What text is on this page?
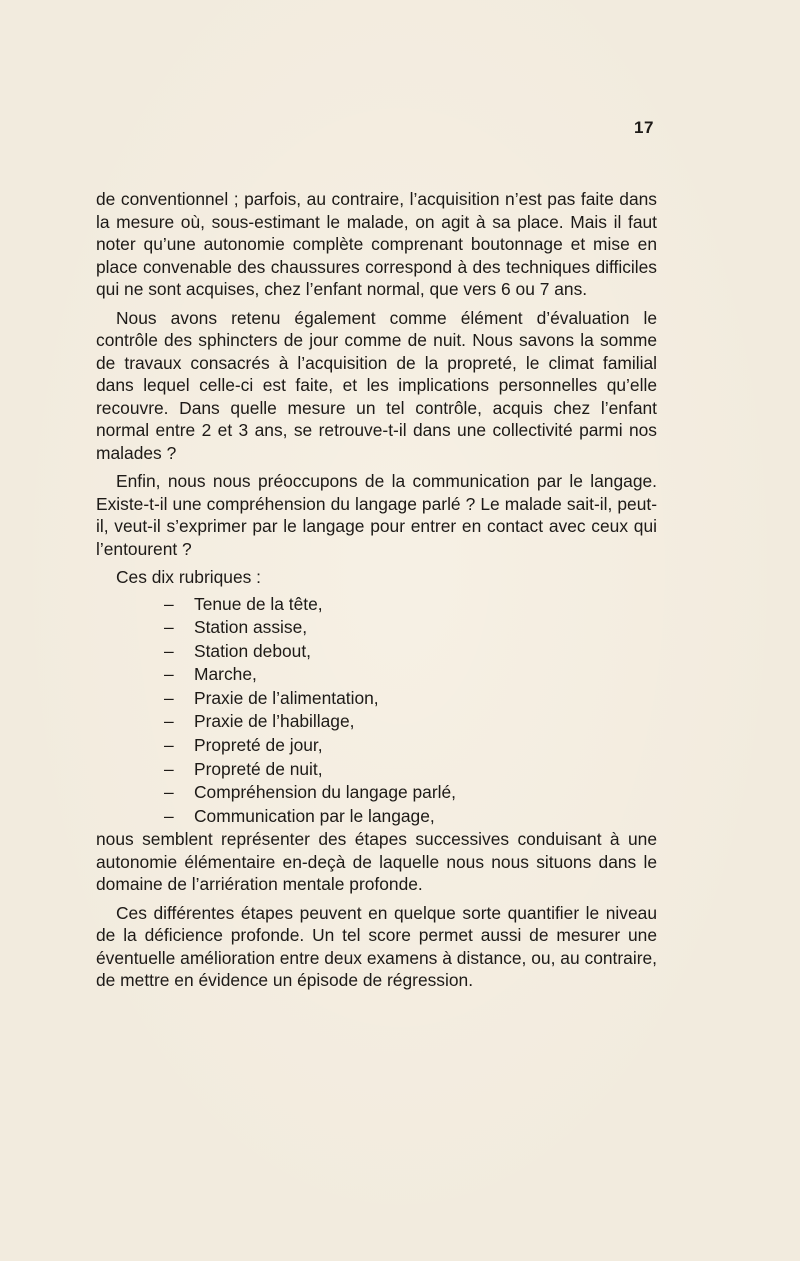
17

de conventionnel ; parfois, au contraire, l’acquisition n’est pas faite dans la mesure où, sous-estimant le malade, on agit à sa place. Mais il faut noter qu’une autonomie complète comprenant boutonnage et mise en place convenable des chaussures correspond à des techniques difficiles qui ne sont acquises, chez l’enfant normal, que vers 6 ou 7 ans.

Nous avons retenu également comme élément d’évaluation le contrôle des sphincters de jour comme de nuit. Nous savons la somme de travaux consacrés à l’acquisition de la propreté, le climat familial dans lequel celle-ci est faite, et les implications personnelles qu’elle recouvre. Dans quelle mesure un tel contrôle, acquis chez l’enfant normal entre 2 et 3 ans, se retrouve-t-il dans une collectivité parmi nos malades ?

Enfin, nous nous préoccupons de la communication par le langage. Existe-t-il une compréhension du langage parlé ? Le malade sait-il, peut-il, veut-il s’exprimer par le langage pour entrer en contact avec ceux qui l’entourent ?

Ces dix rubriques :

– Tenue de la tête,
– Station assise,
– Station debout,
– Marche,
– Praxie de l’alimentation,
– Praxie de l’habillage,
– Propreté de jour,
– Propreté de nuit,
– Compréhension du langage parlé,
– Communication par le langage,

nous semblent représenter des étapes successives conduisant à une autonomie élémentaire en-deçà de laquelle nous nous situons dans le domaine de l’arriération mentale profonde.

Ces différentes étapes peuvent en quelque sorte quantifier le niveau de la déficience profonde. Un tel score permet aussi de mesurer une éventuelle amélioration entre deux examens à distance, ou, au contraire, de mettre en évidence un épisode de régression.
